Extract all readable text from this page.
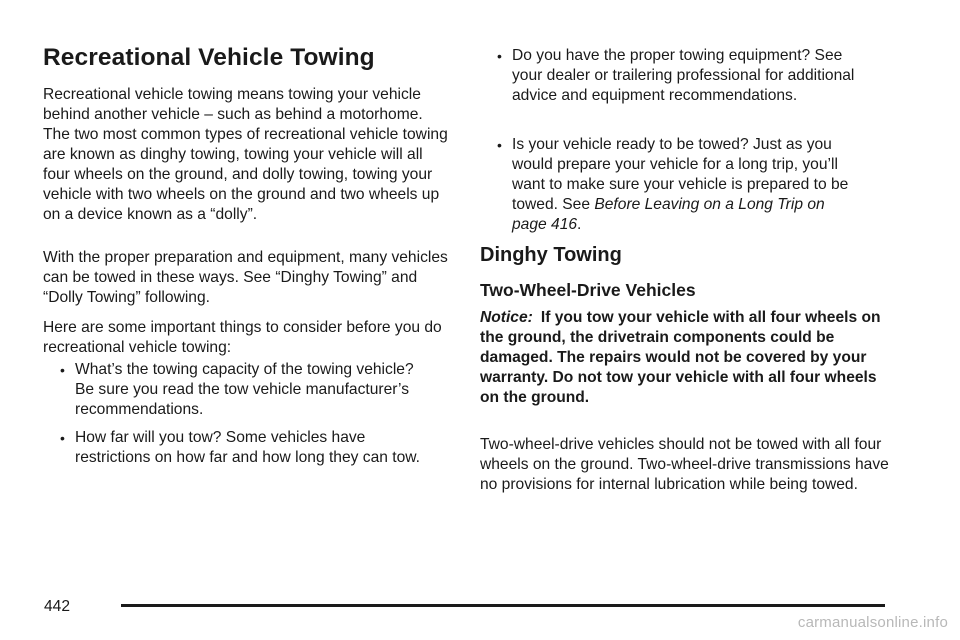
Recreational Vehicle Towing

Recreational vehicle towing means towing your vehicle behind another vehicle – such as behind a motorhome. The two most common types of recreational vehicle towing are known as dinghy towing, towing your vehicle will all four wheels on the ground, and dolly towing, towing your vehicle with two wheels on the ground and two wheels up on a device known as a “dolly”.

With the proper preparation and equipment, many vehicles can be towed in these ways. See “Dinghy Towing” and “Dolly Towing” following.

Here are some important things to consider before you do recreational vehicle towing:

• What’s the towing capacity of the towing vehicle? Be sure you read the tow vehicle manufacturer’s recommendations.
• How far will you tow? Some vehicles have restrictions on how far and how long they can tow.
• Do you have the proper towing equipment? See your dealer or trailering professional for additional advice and equipment recommendations.
• Is your vehicle ready to be towed? Just as you would prepare your vehicle for a long trip, you’ll want to make sure your vehicle is prepared to be towed. See Before Leaving on a Long Trip on page 416.
Dinghy Towing
Two-Wheel-Drive Vehicles
Notice: If you tow your vehicle with all four wheels on the ground, the drivetrain components could be damaged. The repairs would not be covered by your warranty. Do not tow your vehicle with all four wheels on the ground.

Two-wheel-drive vehicles should not be towed with all four wheels on the ground. Two-wheel-drive transmissions have no provisions for internal lubrication while being towed.

442
carmanualsonline.info
